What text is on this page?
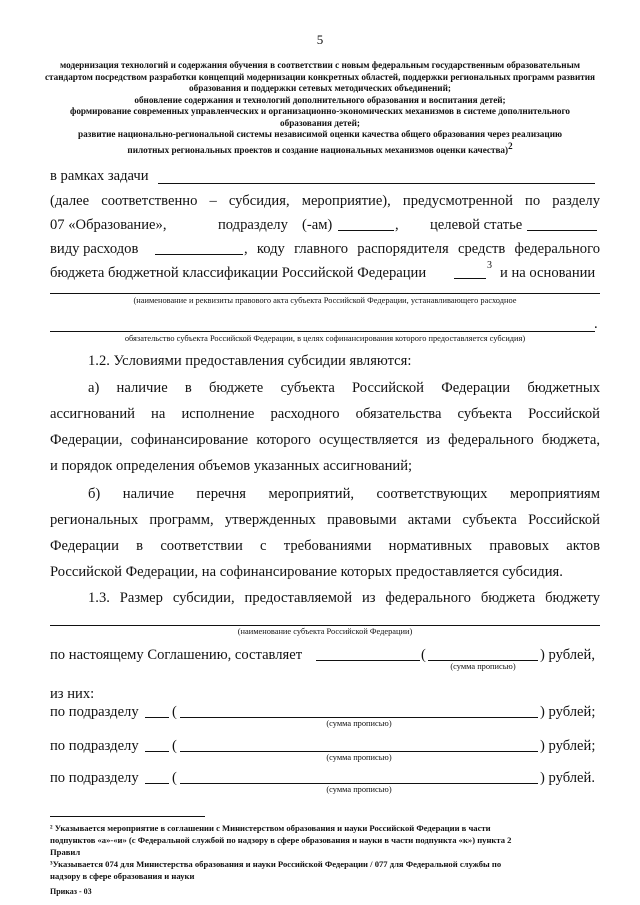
5
модернизация технологий и содержания обучения в соответствии с новым федеральным государственным образовательным
стандартом посредством разработки концепций модернизации конкретных областей, поддержки региональных программ развития
образования и поддержки сетевых методических объединений;
обновление содержания и технологий дополнительного образования и воспитания детей;
формирование современных управленческих и организационно-экономических механизмов в системе дополнительного
образования детей;
развитие национально-региональной системы независимой оценки качества общего образования через реализацию
пилотных региональных проектов и создание национальных механизмов оценки качества)2
в рамках задачи
(далее соответственно – субсидия, мероприятие), предусмотренной по разделу
07 «Образование»,	подразделу (-ам)	, целевой статье
виду расходов	, коду главного распорядителя средств федерального
бюджета бюджетной классификации Российской Федерации	3 и на основании
(наименование и реквизиты правового акта субъекта Российской Федерации, устанавливающего расходное
.
обязательство субъекта Российской Федерации, в целях софинансирования которого предоставляется субсидия)
1.2. Условиями предоставления субсидии являются:
а) наличие в бюджете субъекта Российской Федерации бюджетных
ассигнований на исполнение расходного обязательства субъекта Российской
Федерации, софинансирование которого осуществляется из федерального бюджета,
и порядок определения объемов указанных ассигнований;
б) наличие перечня мероприятий, соответствующих мероприятиям
региональных программ, утвержденных правовыми актами субъекта Российской
Федерации в соответствии с требованиями нормативных правовых актов
Российской Федерации, на софинансирование которых предоставляется субсидия.
1.3. Размер субсидии, предоставляемой из федерального бюджета бюджету
(наименование субъекта Российской Федерации)
по настоящему Соглашению, составляет	(	) рублей,
(сумма прописью)
из них:
по подразделу (	) рублей;
(сумма прописью)
по подразделу (	) рублей;
(сумма прописью)
по подразделу (	) рублей.
(сумма прописью)
² Указывается мероприятие в соглашении с Министерством образования и науки Российской Федерации в части
подпунктов «а»-«и» (с Федеральной службой по надзору в сфере образования и науки в части подпункта «к») пункта 2
Правил
³Указывается 074 для Министерства образования и науки Российской Федерации / 077 для Федеральной службы по
надзору в сфере образования и науки
Приказ - 03
